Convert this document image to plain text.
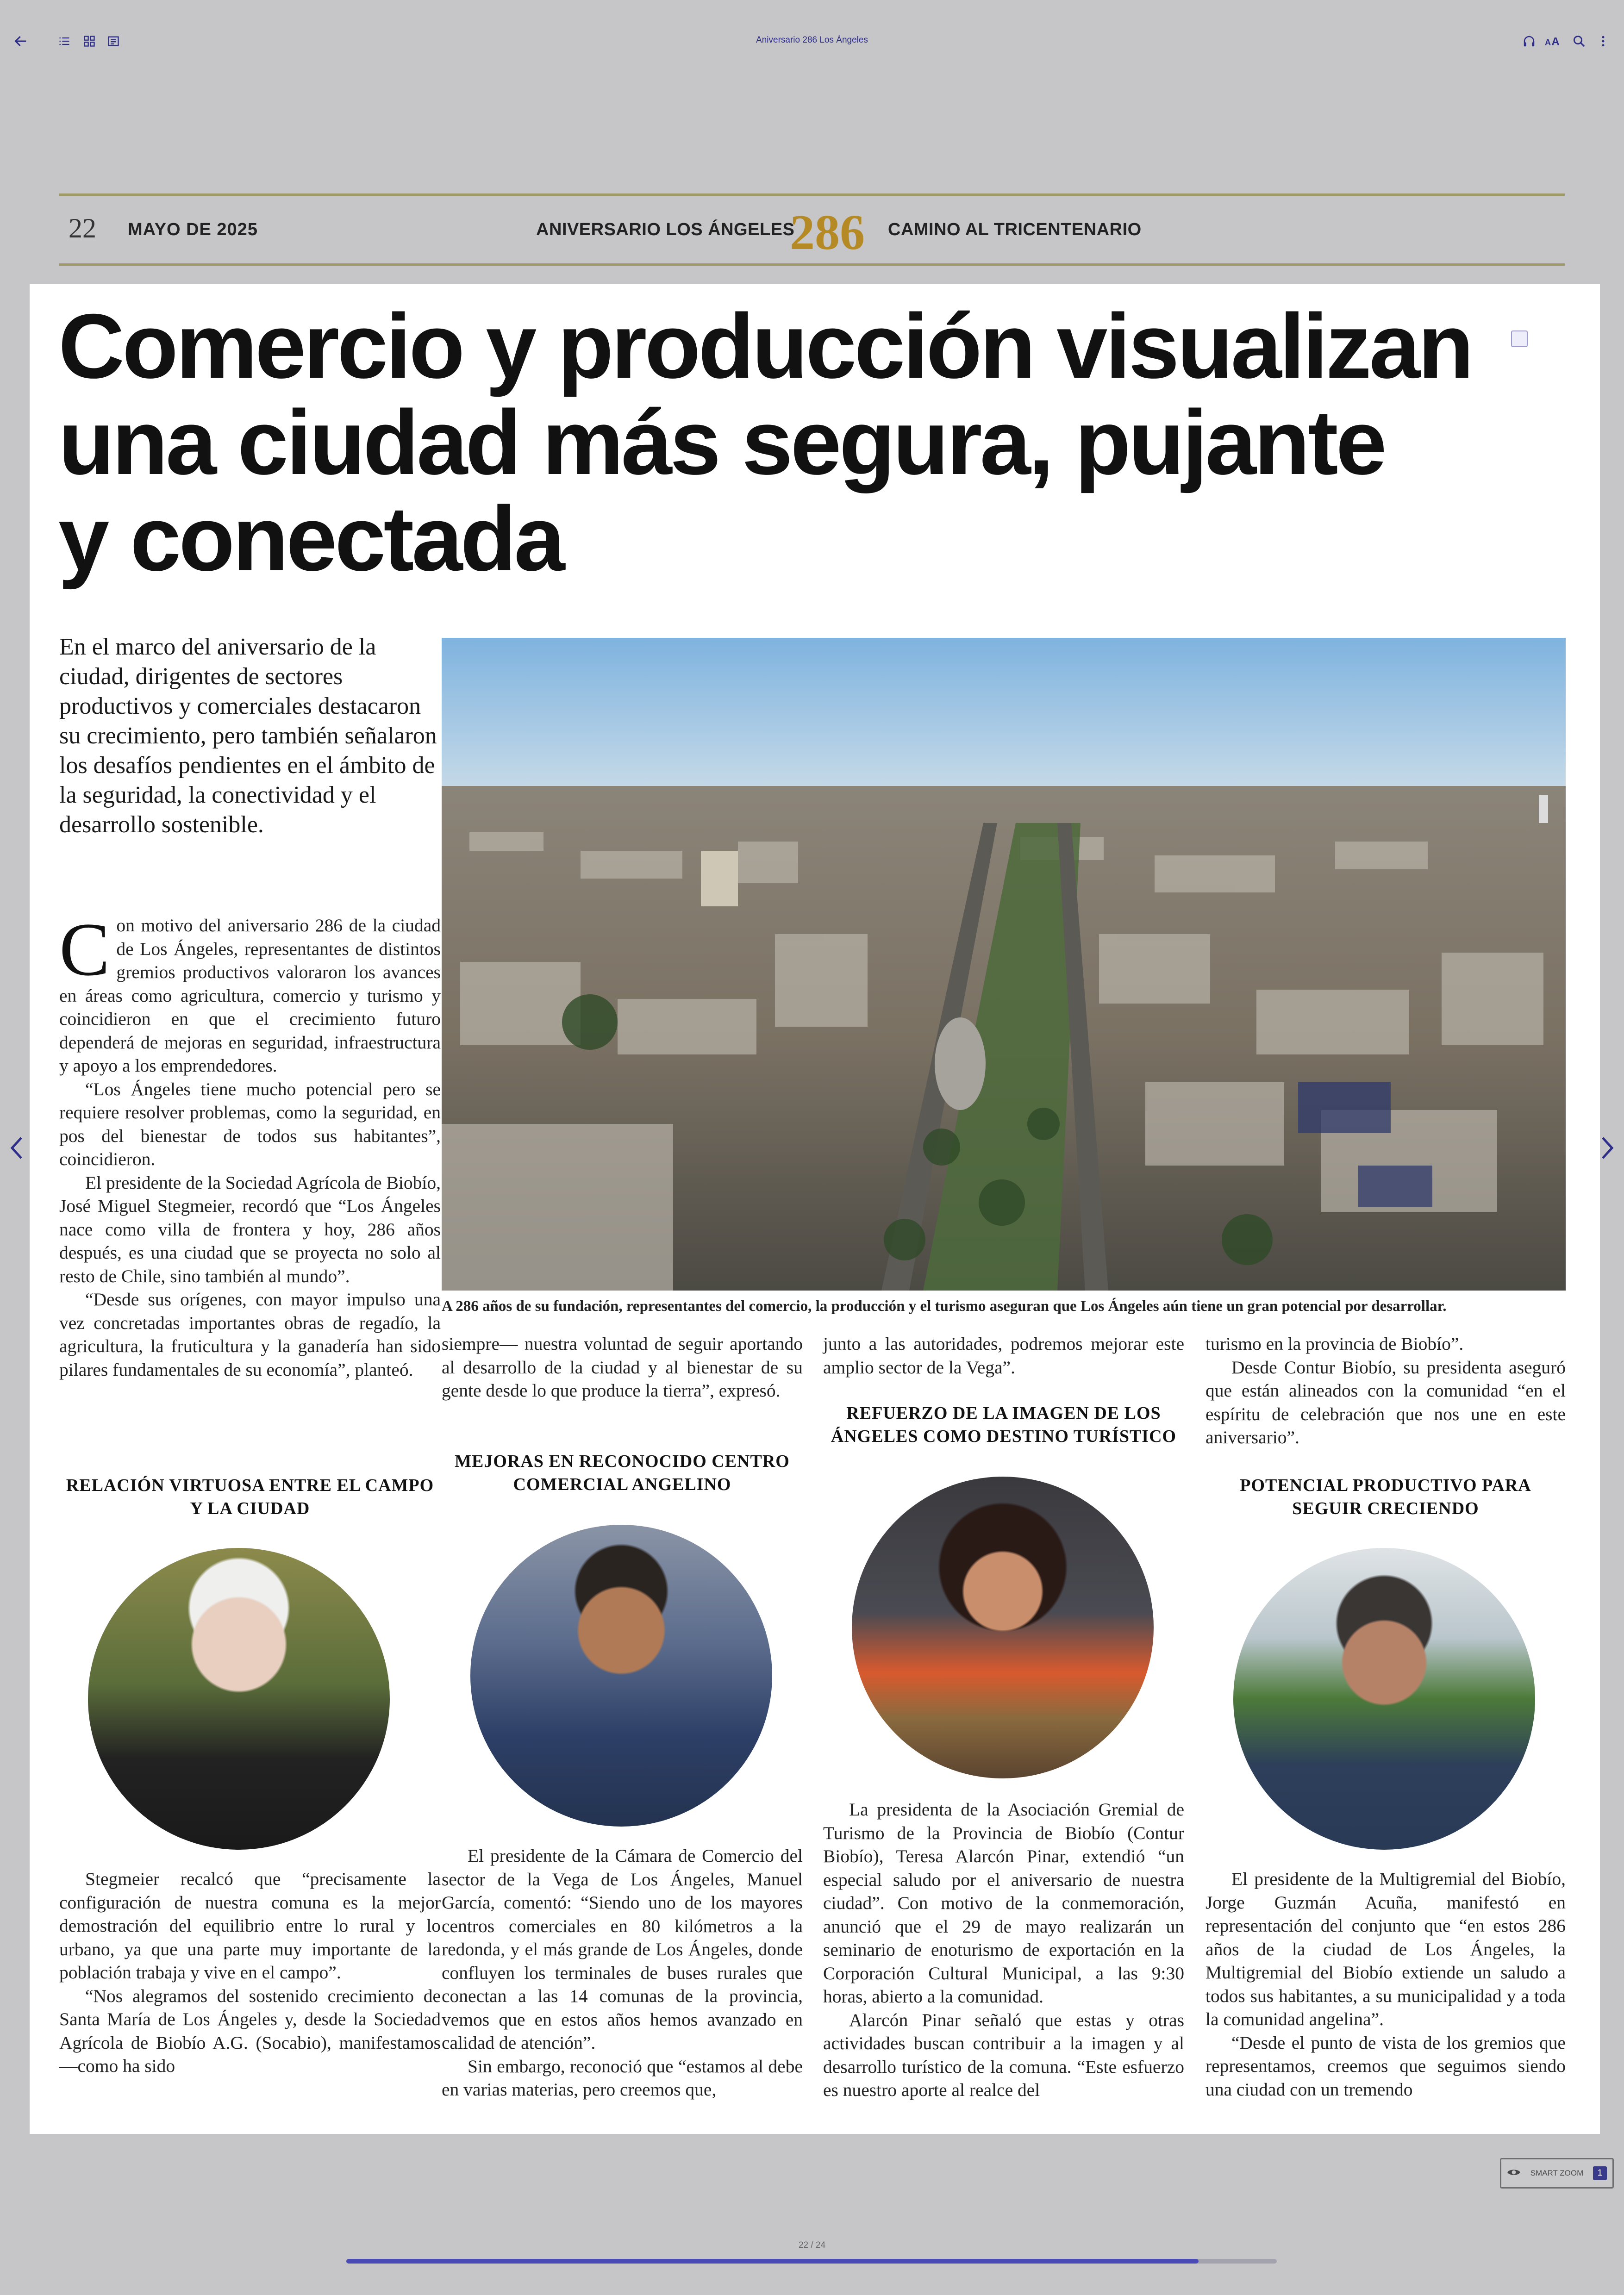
Aniversario 286 Los Ángeles	A A
22 MAYO DE 2025	ANIVERSARIO LOS ÁNGELES
286 CAMINO AL TRICENTENARIO
Comercio y producción visualizan
una ciudad más segura, pujante
y conectada
En el marco del aniversario de la ciudad, dirigentes de sectores productivos y comerciales destacaron su crecimiento, pero también señalaron los desafíos pendientes en el ámbito de la seguridad, la conectividad y el desarrollo sostenible.
A 286 años de su fundación, representantes del comercio, la producción y el turismo aseguran que Los Ángeles aún tiene un gran potencial por desarrollar.

Con motivo del aniversario 286 de la ciudad de Los Ángeles, representantes de distintos gremios productivos valoraron los avances en áreas como agricultura, comercio y turismo y coincidieron en que el crecimiento futuro dependerá de mejoras en seguridad, infraestructura y apoyo a los emprendedores.

“Los Ángeles tiene mucho potencial pero se requiere resolver problemas, como la seguridad, en pos del bienestar de todos sus habitantes”, coincidieron.

El presidente de la Sociedad Agrícola de Biobío, José Miguel Stegmeier, recordó que “Los Ángeles nace como villa de frontera y hoy, 286 años después, es una ciudad que se proyecta no solo al resto de Chile, sino también al mundo”.

“Desde sus orígenes, con mayor impulso una vez concretadas importantes obras de regadío, la agricultura, la fruticultura y la ganadería han sido pilares fundamentales de su economía”, planteó.

RELACIÓN VIRTUOSA ENTRE EL CAMPO Y LA CIUDAD

Stegmeier recalcó que “precisamente la configuración de nuestra comuna es la mejor demostración del equilibrio entre lo rural y lo urbano, ya que una parte muy importante de la población trabaja y vive en el campo”.

“Nos alegramos del sostenido crecimiento de Santa María de Los Ángeles y, desde la Sociedad Agrícola de Biobío A.G. (Socabio), manifestamos —como ha sido

siempre— nuestra voluntad de seguir aportando al desarrollo de la ciudad y al bienestar de su gente desde lo que produce la tierra”, expresó.

MEJORAS EN RECONOCIDO CENTRO COMERCIAL ANGELINO

El presidente de la Cámara de Comercio del sector de la Vega de Los Ángeles, Manuel García, comentó: “Siendo uno de los mayores centros comerciales en 80 kilómetros a la redonda, y el más grande de Los Ángeles, donde confluyen los terminales de buses rurales que conectan a las 14 comunas de la provincia, vemos que en estos años hemos avanzado en calidad de atención”.

Sin embargo, reconoció que “estamos al debe en varias materias, pero creemos que,

junto a las autoridades, podremos mejorar este amplio sector de la Vega”.

REFUERZO DE LA IMAGEN DE LOS ÁNGELES COMO DESTINO TURÍSTICO

La presidenta de la Asociación Gremial de Turismo de la Provincia de Biobío (Contur Biobío), Teresa Alarcón Pinar, extendió “un especial saludo por el aniversario de nuestra ciudad”. Con motivo de la conmemoración, anunció que el 29 de mayo realizarán un seminario de enoturismo de exportación en la Corporación Cultural Municipal, a las 9:30 horas, abierto a la comunidad.

Alarcón Pinar señaló que estas y otras actividades buscan contribuir a la imagen y al desarrollo turístico de la comuna. “Este esfuerzo es nuestro aporte al realce del

turismo en la provincia de Biobío”.

Desde Contur Biobío, su presidenta aseguró que están alineados con la comunidad “en el espíritu de celebración que nos une en este aniversario”.

POTENCIAL PRODUCTIVO PARA SEGUIR CRECIENDO

El presidente de la Multigremial del Biobío, Jorge Guzmán Acuña, manifestó en representación del conjunto que “en estos 286 años de la ciudad de Los Ángeles, la Multigremial del Biobío extiende un saludo a todos sus habitantes, a su municipalidad y a toda la comunidad angelina”.

“Desde el punto de vista de los gremios que representamos, creemos que seguimos siendo una ciudad con un tremendo

SMART ZOOM	1
22 / 24
